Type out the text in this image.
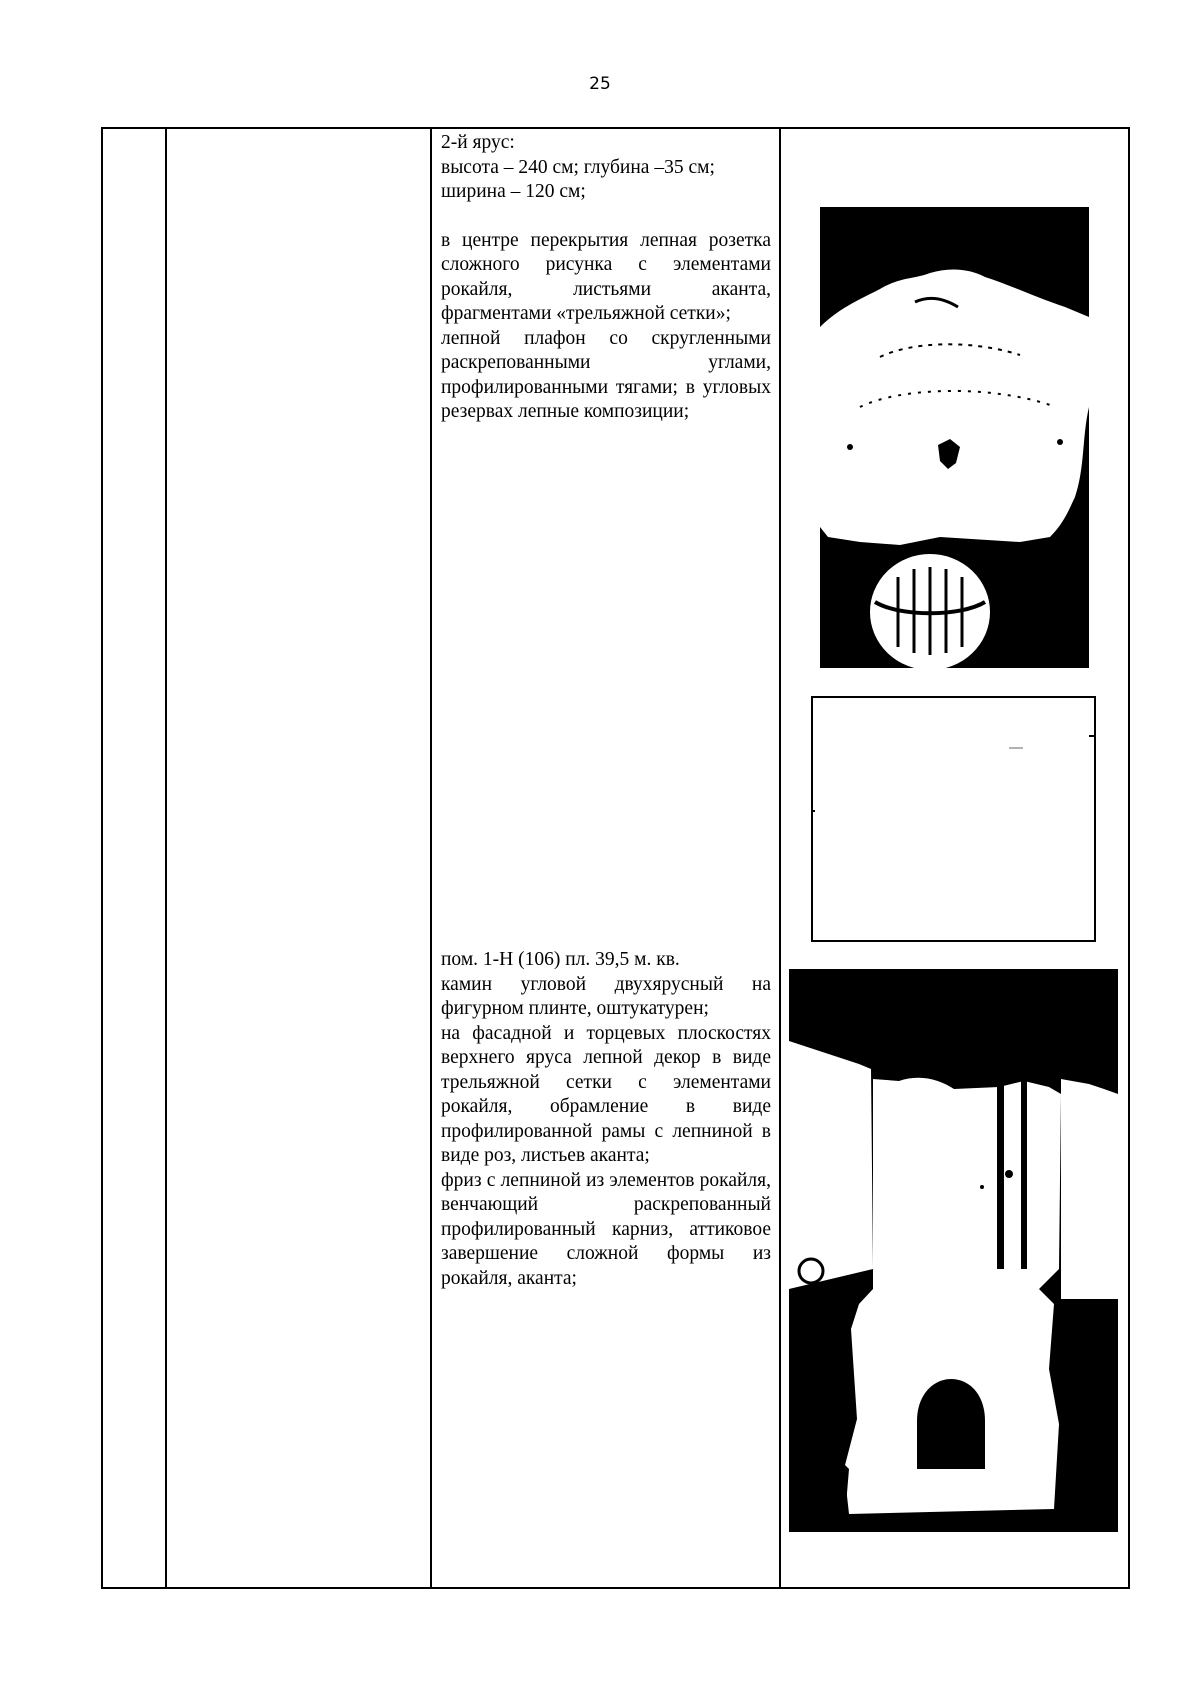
25

2-й ярус:

высота – 240 см; глубина –35 см;

ширина – 120 см;

в центре перекрытия лепная розетка сложного рисунка с элементами рокайля, листьями аканта, фрагментами «трельяжной сетки»;

лепной плафон со скругленными раскрепованными углами, профилированными тягами; в угловых резервах лепные композиции;

пом. 1-Н (106) пл. 39,5 м. кв.

камин угловой двухярусный на фигурном плинте, оштукатурен;

на фасадной и торцевых плоскостях верхнего яруса лепной декор в виде трельяжной сетки с элементами рокайля, обрамление в виде профилированной рамы с лепниной в виде роз, листьев аканта;

фриз с лепниной из элементов рокайля, венчающий раскрепованный профилированный карниз, аттиковое завершение сложной формы из рокайля, аканта;
